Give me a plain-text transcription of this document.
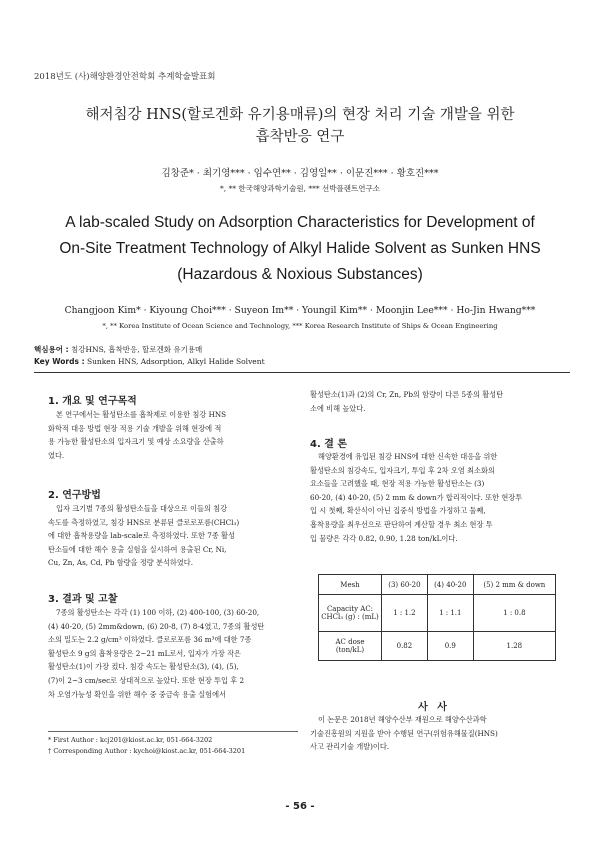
2018년도 (사)해양환경안전학회 추계학술발표회
해저침강 HNS(할로겐화 유기용매류)의 현장 처리 기술 개발을 위한
흡착반응 연구
김창준* · 최기영*** · 임수연** · 김영일** · 이문진*** · 황호진***
*, ** 한국해양과학기술원, *** 선박플랜트연구소
A lab-scaled Study on Adsorption Characteristics for Development of
On-Site Treatment Technology of Alkyl Halide Solvent as Sunken HNS
(Hazardous & Noxious Substances)
Changjoon Kim* · Kiyoung Choi*** · Suyeon Im** · Youngil Kim** · Moonjin Lee*** · Ho-Jin Hwang***
*, ** Korea Institute of Ocean Science and Technology, *** Korea Research Institute of Ships & Ocean Engineering
핵심용어 : 침강HNS, 흡착반응, 할로겐화 유기용매
Key Words : Sunken HNS, Adsorption, Alkyl Halide Solvent
1. 개요 및 연구목적
본 연구에서는 활성탄소를 흡착제로 이용한 침강 HNS
화학적 대응 방법 현장 적용 기술 개발을 위해 현장에 적
용 가능한 활성탄소의 입자크기 및 예상 소요량을 산출하
였다.
2. 연구방법
입자 크기별 7종의 활성탄소들을 대상으로 이들의 침강
속도를 측정하였고, 침강 HNS로 분류된 클로로포름(CHCl₃)
에 대한 흡착용량을 lab-scale로 측정하였다. 또한 7종 활성
탄소들에 대한 해수 용출 실험을 실시하여 용출된 Cr, Ni,
Cu, Zn, As, Cd, Pb 함량을 정량 분석하였다.
3. 결과 및 고찰
7종의 활성탄소는 각각 (1) 100 이하, (2) 400-100, (3) 60-20,
(4) 40-20, (5) 2mm&down, (6) 20-8, (7) 8-4였고, 7종의 활성탄
소의 밀도는 2.2 g/cm³ 이하였다. 클로로포름 36 m³에 대한 7종
활성탄소 9 g의 흡착용량은 2~21 mL로서, 입자가 가장 작은
활성탄소(1)이 가장 컸다. 침강 속도는 활성탄소(3), (4), (5),
(7)이 2~3 cm/sec로 상대적으로 높았다. 또한 현장 투입 후 2
차 오염가능성 확인을 위한 해수 중 중금속 용출 실험에서
* First Author : kcj201@kiost.ac.kr, 051-664-3202
† Corresponding Author : kychoi@kiost.ac.kr, 051-664-3201
활성탄소(1)과 (2)의 Cr, Zn, Pb의 함량이 다른 5종의 활성탄
소에 비해 높았다.
4. 결 론
해양환경에 유입된 침강 HNS에 대한 신속한 대응을 위한
활성탄소의 침강속도, 입자크기, 투입 후 2차 오염 최소화의
요소들을 고려했을 때, 현장 적용 가능한 활성탄소는 (3)
60-20, (4) 40-20, (5) 2 mm & down가 합리적이다. 또한 현장투
입 시 첫째, 확산식이 아닌 집중식 방법을 가정하고 둘째,
흡착용량을 최우선으로 판단하여 계산할 경우 최소 현장 투
입 물량은 각각 0.82, 0.90, 1.28 ton/kL이다.
Mesh	(3) 60-20	(4) 40-20	(5) 2 mm & down
Capacity AC: CHCl₃ (g) : (mL)	1 : 1.2	1 : 1.1	1 : 0.8
AC dose (ton/kL)	0.82	0.9	1.28
사 사
이 논문은 2018년 해양수산부 재원으로 해양수산과학
기술진흥원의 지원을 받아 수행된 연구(위험유해물질(HNS)
사고 관리기술 개발)이다.
- 56 -
